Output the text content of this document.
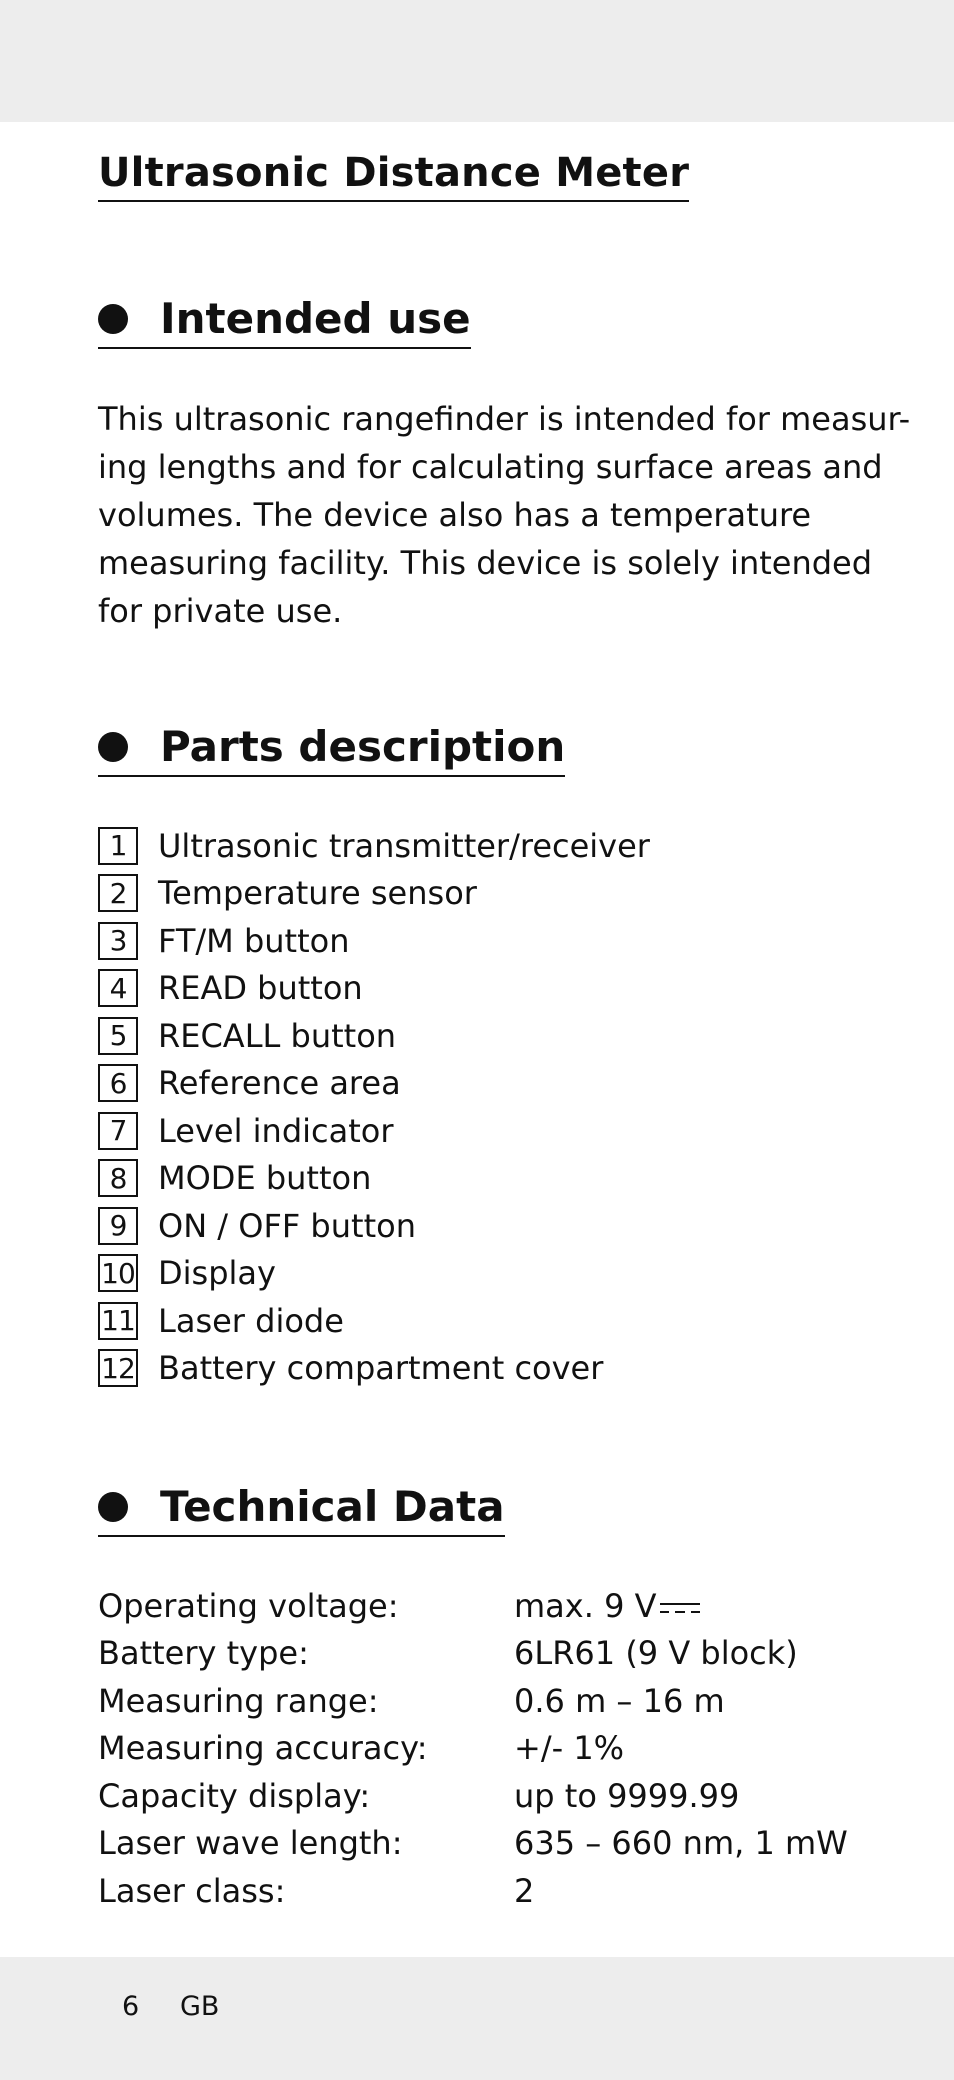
Ultrasonic Distance Meter
Intended use
This ultrasonic rangefinder is intended for measur-
ing lengths and for calculating surface areas and
volumes. The device also has a temperature
measuring facility. This device is solely intended
for private use.
Parts description
1 Ultrasonic transmitter/receiver
2 Temperature sensor
3 FT/M button
4 READ button
5 RECALL button
6 Reference area
7 Level indicator
8 MODE button
9 ON / OFF button
10 Display
11 Laser diode
12 Battery compartment cover
Technical Data
Operating voltage:	max. 9 V
Battery type:	6LR61 (9 V block)
Measuring range:	0.6 m – 16 m
Measuring accuracy:	+/- 1%
Capacity display:	up to 9999.99
Laser wave length:	635 – 660 nm, 1 mW
Laser class:	2
6 GB
